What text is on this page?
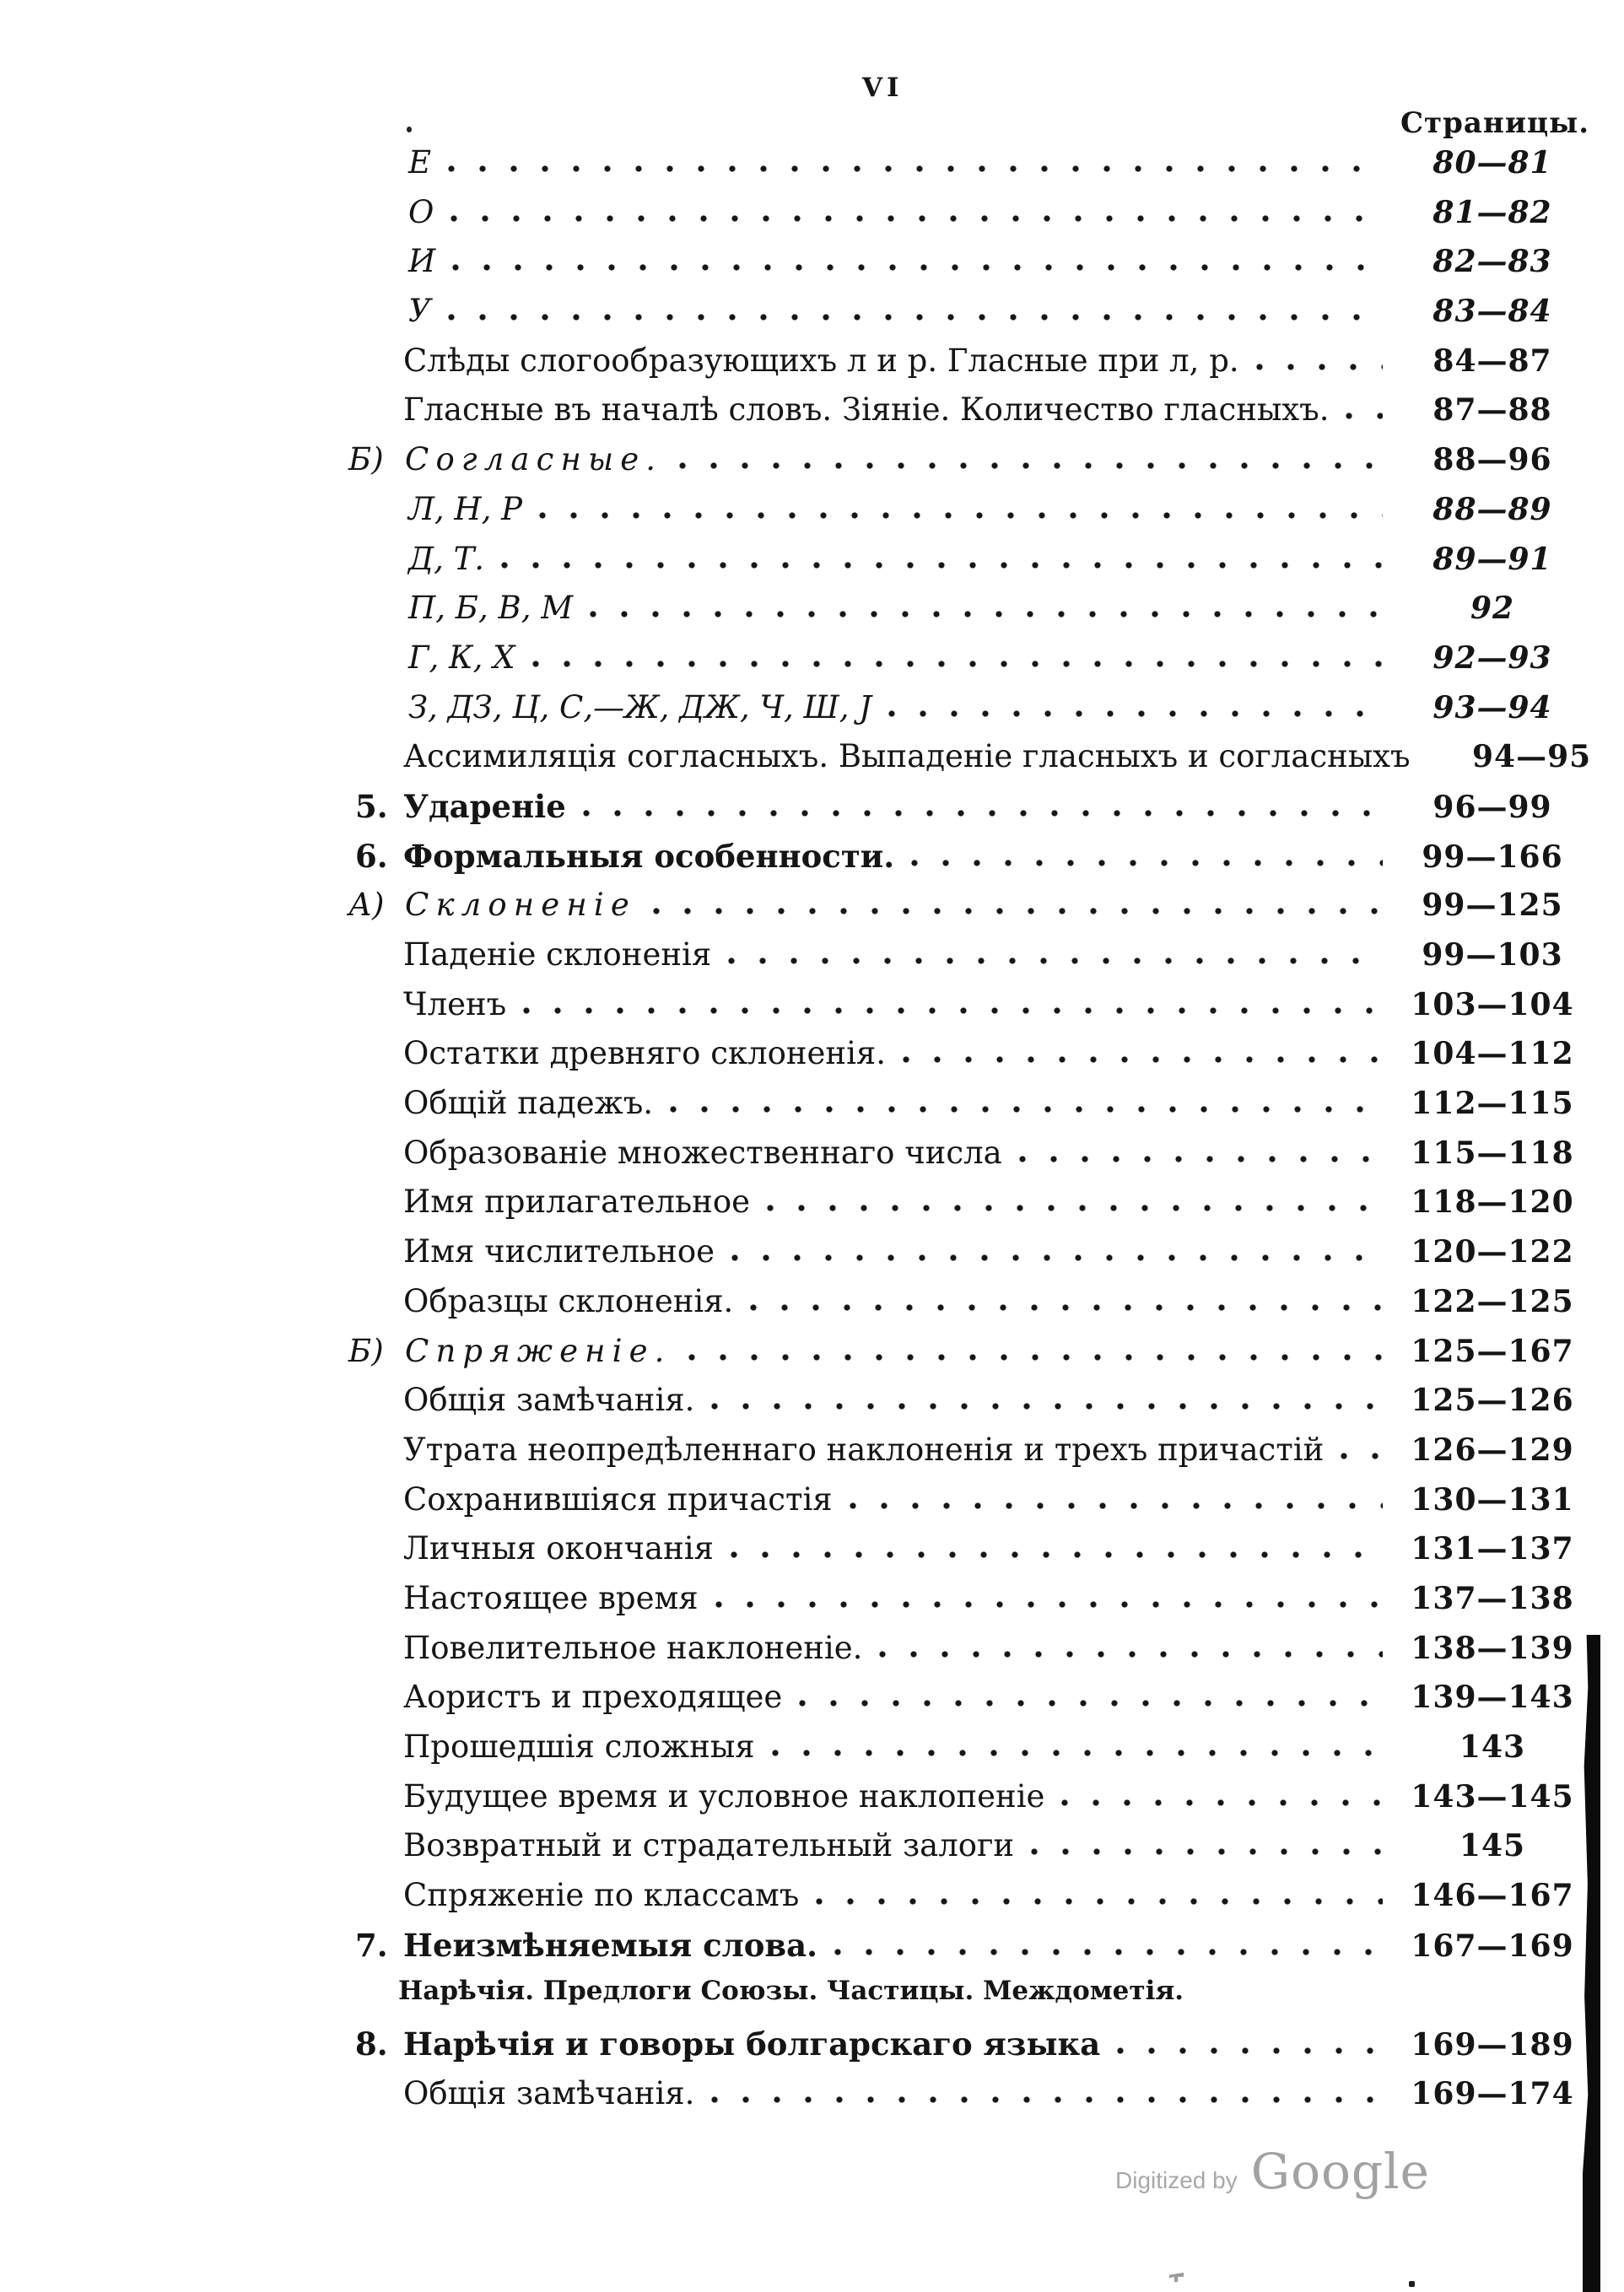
VI
Страницы.
Е	80—81
О	81—82
И	82—83
У	83—84
Слѣды слогообразующихъ л и р. Гласные при л, р.	84—87
Гласные въ началѣ словъ. Зіяніе. Количество гласныхъ.	87—88
Б) Согласные.	88—96
Л, Н, Р	88—89
Д, Т.	89—91
П, Б, В, М	92
Г, К, Х	92—93
З, ДЗ, Ц, С,—Ж, ДЖ, Ч, Ш, J	93—94
Ассимиляція согласныхъ. Выпаденіе гласныхъ и согласныхъ	94—95
5. Удареніе	96—99
6. Формальныя особенности.	99—166
А) Склоненіе	99—125
Паденіе склоненія	99—103
Членъ	103—104
Остатки древняго склоненія.	104—112
Общій падежъ.	112—115
Образованіе множественнаго числа	115—118
Имя прилагательное	118—120
Имя числительное	120—122
Образцы склоненія.	122—125
Б) Спряженіе.	125—167
Общія замѣчанія.	125—126
Утрата неопредѣленнаго наклоненія и трехъ причастій	126—129
Сохранившіяся причастія	130—131
Личныя окончанія	131—137
Настоящее время	137—138
Повелительное наклоненіе.	138—139
Аористъ и преходящее	139—143
Прошедшія сложныя	143
Будущее время и условное наклопеніе	143—145
Возвратный и страдательный залоги	145
Спряженіе по классамъ	146—167
7. Неизмѣняемыя слова.	167—169
Нарѣчія. Предлоги Союзы. Частицы. Междометія.
8. Нарѣчія и говоры болгарскаго языка	169—189
Общія замѣчанія.	169—174
Digitized by Google
